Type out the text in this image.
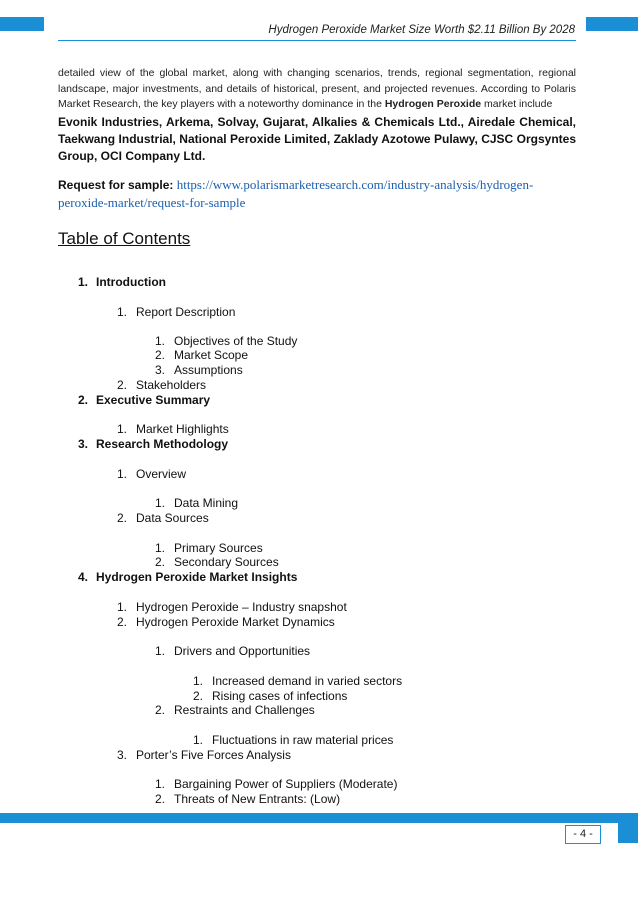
Hydrogen Peroxide Market Size Worth $2.11 Billion By 2028
detailed view of the global market, along with changing scenarios, trends, regional segmentation, regional landscape, major investments, and details of historical, present, and projected revenues. According to Polaris Market Research, the key players with a noteworthy dominance in the Hydrogen Peroxide market include
Evonik Industries, Arkema, Solvay, Gujarat, Alkalies & Chemicals Ltd., Airedale Chemical, Taekwang Industrial, National Peroxide Limited, Zaklady Azotowe Pulawy, CJSC Orgsyntes Group, OCI Company Ltd.
Request for sample: https://www.polarismarketresearch.com/industry-analysis/hydrogen-peroxide-market/request-for-sample
Table of Contents
1. Introduction
1. Report Description
1. Objectives of the Study
2. Market Scope
3. Assumptions
2. Stakeholders
2. Executive Summary
1. Market Highlights
3. Research Methodology
1. Overview
1. Data Mining
2. Data Sources
1. Primary Sources
2. Secondary Sources
4. Hydrogen Peroxide Market Insights
1. Hydrogen Peroxide – Industry snapshot
2. Hydrogen Peroxide Market Dynamics
1. Drivers and Opportunities
1. Increased demand in varied sectors
2. Rising cases of infections
2. Restraints and Challenges
1. Fluctuations in raw material prices
3. Porter’s Five Forces Analysis
1. Bargaining Power of Suppliers (Moderate)
2. Threats of New Entrants: (Low)
- 4 -
